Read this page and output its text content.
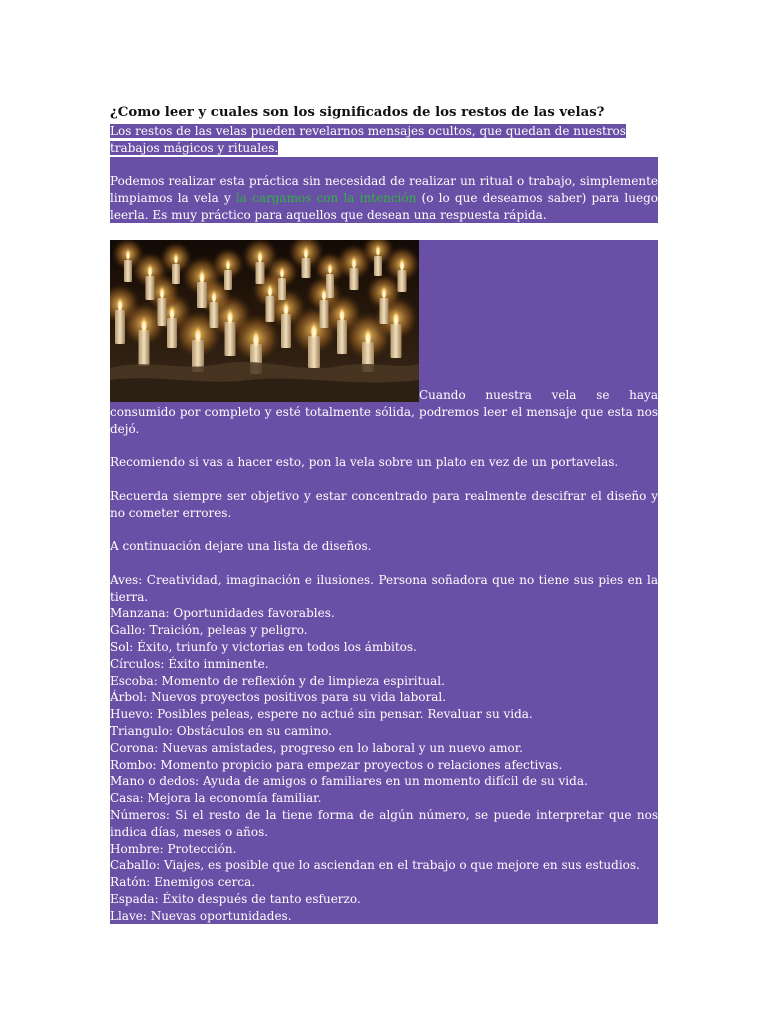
¿Como leer y cuales son los significados de los restos de las velas?
Los restos de las velas pueden revelarnos mensajes ocultos, que quedan de nuestros trabajos mágicos y rituales.
Podemos realizar esta práctica sin necesidad de realizar un ritual o trabajo, simplemente limpiamos la vela y la cargamos con la intención (o lo que deseamos saber) para luego leerla. Es muy práctico para aquellos que desean una respuesta rápida.
Cuando nuestra vela se haya
consumido por completo y esté totalmente sólida, podremos leer el mensaje que esta nos dejó.
Recomiendo si vas a hacer esto, pon la vela sobre un plato en vez de un portavelas.
Recuerda siempre ser objetivo y estar concentrado para realmente descifrar el diseño y no cometer errores.
A continuación dejare una lista de diseños.
Aves: Creatividad, imaginación e ilusiones. Persona soñadora que no tiene sus pies en la tierra.
Manzana: Oportunidades favorables.
Gallo: Traición, peleas y peligro.
Sol: Éxito, triunfo y victorias en todos los ámbitos.
Círculos: Éxito inminente.
Escoba: Momento de reflexión y de limpieza espiritual.
Árbol: Nuevos proyectos positivos para su vida laboral.
Huevo: Posibles peleas, espere no actué sin pensar. Revaluar su vida.
Triangulo: Obstáculos en su camino.
Corona: Nuevas amistades, progreso en lo laboral y un nuevo amor.
Rombo: Momento propicio para empezar proyectos o relaciones afectivas.
Mano o dedos: Ayuda de amigos o familiares en un momento difícil de su vida.
Casa: Mejora la economía familiar.
Números: Si el resto de la tiene forma de algún número, se puede interpretar que nos indica días, meses o años.
Hombre: Protección.
Caballo: Viajes, es posible que lo asciendan en el trabajo o que mejore en sus estudios.
Ratón: Enemigos cerca.
Espada: Éxito después de tanto esfuerzo.
Llave: Nuevas oportunidades.
